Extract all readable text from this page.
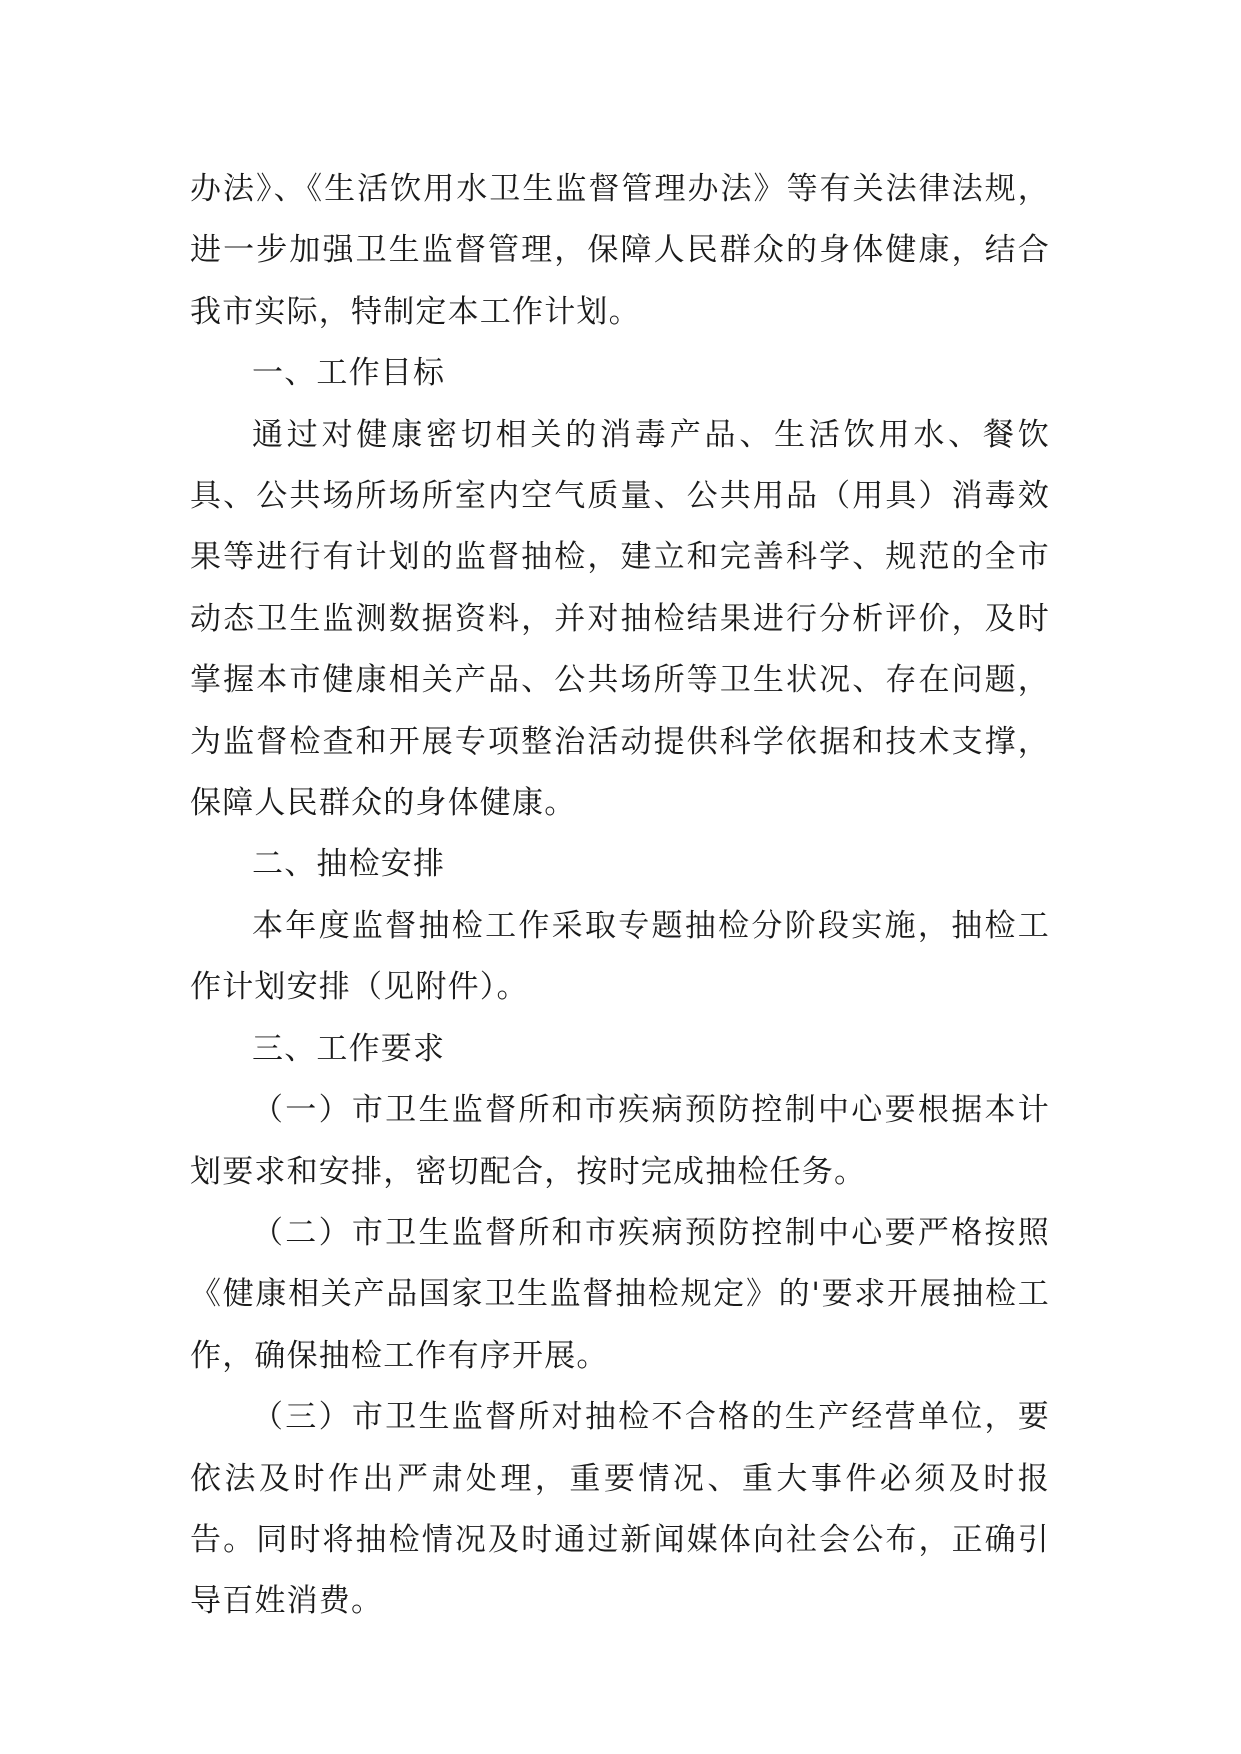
办法》、《生活饮用水卫生监督管理办法》等有关法律法规，进一步加强卫生监督管理，保障人民群众的身体健康，结合我市实际，特制定本工作计划。

一、工作目标

通过对健康密切相关的消毒产品、生活饮用水、餐饮具、公共场所场所室内空气质量、公共用品（用具）消毒效果等进行有计划的监督抽检，建立和完善科学、规范的全市动态卫生监测数据资料，并对抽检结果进行分析评价，及时掌握本市健康相关产品、公共场所等卫生状况、存在问题，为监督检查和开展专项整治活动提供科学依据和技术支撑，保障人民群众的身体健康。

二、抽检安排

本年度监督抽检工作采取专题抽检分阶段实施，抽检工作计划安排（见附件）。

三、工作要求

（一）市卫生监督所和市疾病预防控制中心要根据本计划要求和安排，密切配合，按时完成抽检任务。

（二）市卫生监督所和市疾病预防控制中心要严格按照《健康相关产品国家卫生监督抽检规定》的'要求开展抽检工作，确保抽检工作有序开展。

（三）市卫生监督所对抽检不合格的生产经营单位，要依法及时作出严肃处理，重要情况、重大事件必须及时报告。同时将抽检情况及时通过新闻媒体向社会公布，正确引导百姓消费。
